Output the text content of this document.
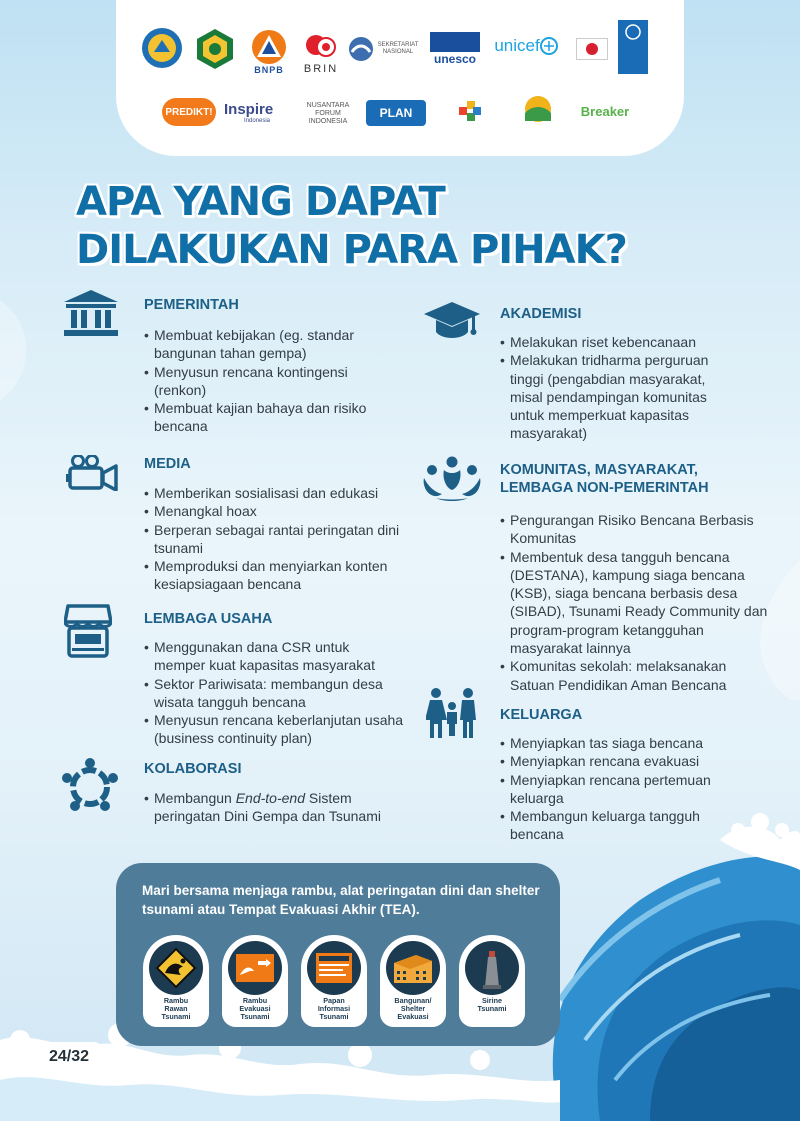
BNPB BRIN
SEKRETARIAT NASIONAL	unesco
unicef
PREDIKT! Inspire
Indonesia
NUSANTARA FORUM INDONESIA
PLAN	Breaker
APA YANG DAPAT
DILAKUKAN PARA PIHAK?
PEMERINTAH
• Membuat kebijakan (eg. standar bangunan tahan gempa)
• Menyusun rencana kontingensi (renkon)
• Membuat kajian bahaya dan risiko bencana
MEDIA
• Memberikan sosialisasi dan edukasi
• Menangkal hoax
• Berperan sebagai rantai peringatan dini tsunami
• Memproduksi dan menyiarkan konten kesiapsiagaan bencana
LEMBAGA USAHA
• Menggunakan dana CSR untuk memper kuat kapasitas masyarakat
• Sektor Pariwisata: membangun desa wisata tangguh bencana
• Menyusun rencana keberlanjutan usaha (business continuity plan)
KOLABORASI
• Membangun End-to-end Sistem peringatan Dini Gempa dan Tsunami
AKADEMISI
• Melakukan riset kebencanaan
• Melakukan tridharma perguruan tinggi (pengabdian masyarakat, misal pendampingan komunitas untuk memperkuat kapasitas masyarakat)
KOMUNITAS, MASYARAKAT,
LEMBAGA NON-PEMERINTAH
• Pengurangan Risiko Bencana Berbasis Komunitas
• Membentuk desa tangguh bencana (DESTANA), kampung siaga bencana (KSB), siaga bencana berbasis desa (SIBAD), Tsunami Ready Community dan program-program ketangguhan masyarakat lainnya
• Komunitas sekolah: melaksanakan Satuan Pendidikan Aman Bencana
KELUARGA
• Menyiapkan tas siaga bencana
• Menyiapkan rencana evakuasi
• Menyiapkan rencana pertemuan keluarga
• Membangun keluarga tangguh bencana

Mari bersama menjaga rambu, alat peringatan dini dan shelter tsunami atau Tempat Evakuasi Akhir (TEA).

Rambu
Rawan
Tsunami
Rambu
Evakuasi
Tsunami
Papan
Informasi
Tsunami
Bangunan/
Shelter
Evakuasi
Sirine
Tsunami
24/32
